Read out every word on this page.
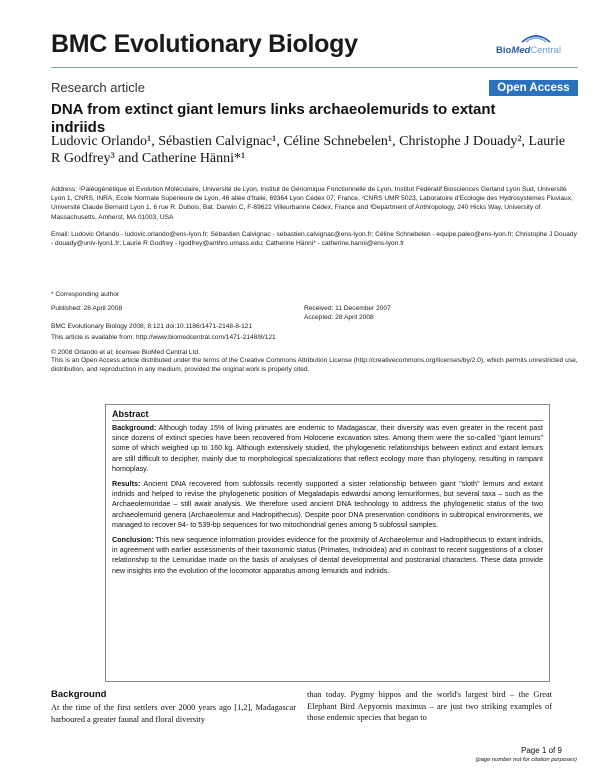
BMC Evolutionary Biology	BioMedCentral
Research article	Open Access
DNA from extinct giant lemurs links archaeolemurids to extant indriids
Ludovic Orlando¹, Sébastien Calvignac¹, Céline Schnebelen¹, Christophe J Douady², Laurie R Godfrey³ and Catherine Hänni*¹
Address: ¹Paléogénétique et Evolution Moléculaire, Université de Lyon, Institut de Génomique Fonctionnelle de Lyon, Institut Fédératif Biosciences Gerland Lyon Sud, Université Lyon 1, CNRS, INRA, Ecole Normale Supérieure de Lyon, 46 allée d'Italie, 69364 Lyon Cédex 07, France, ²CNRS UMR 5023, Laboratoire d'Ecologie des Hydrosystèmes Fluviaux, Université Claude Bernard Lyon 1, 6 rue R. Dubois, Bat. Darwin C, F-69622 Villeurbanne Cédex, France and ³Department of Anthropology, 240 Hicks Way, University of Massachusetts, Amherst, MA 01003, USA
Email: Ludovic Orlando - ludovic.orlando@ens-lyon.fr; Sébastien Calvignac - sebastien.calvignac@ens-lyon.fr; Céline Schnebelen - equipe.paleo@ens-lyon.fr; Christophe J Douady - douady@univ-lyon1.fr; Laurie R Godfrey - lgodfrey@anthro.umass.edu; Catherine Hänni* - catherine.hanni@ens-lyon.fr
* Corresponding author
Published: 28 April 2008
BMC Evolutionary Biology 2008, 8:121 doi:10.1186/1471-2148-8-121
This article is available from: http://www.biomedcentral.com/1471-2148/8/121
Received: 11 December 2007
Accepted: 28 April 2008
© 2008 Orlando et al; licensee BioMed Central Ltd.
This is an Open Access article distributed under the terms of the Creative Commons Attribution License (http://creativecommons.org/licenses/by/2.0), which permits unrestricted use, distribution, and reproduction in any medium, provided the original work is properly cited.
Abstract

Background: Although today 15% of living primates are endemic to Madagascar, their diversity was even greater in the recent past since dozens of extinct species have been recovered from Holocene excavation sites. Among them were the so-called "giant lemurs" some of which weighed up to 160 kg. Although extensively studied, the phylogenetic relationships between extinct and extant lemurs are still difficult to decipher, mainly due to morphological specializations that reflect ecology more than phylogeny, resulting in rampant homoplasy.

Results: Ancient DNA recovered from subfossils recently supported a sister relationship between giant "sloth" lemurs and extant indriids and helped to revise the phylogenetic position of Megaladapis edwardsi among lemuriformes, but several taxa – such as the Archaeolemuridae – still await analysis. We therefore used ancient DNA technology to address the phylogenetic status of the two archaeolemurid genera (Archaeolemur and Hadropithecus). Despite poor DNA preservation conditions in subtropical environments, we managed to recover 94- to 539-bp sequences for two mitochondrial genes among 5 subfossil samples.

Conclusion: This new sequence information provides evidence for the proximity of Archaeolemur and Hadropithecus to extant indriids, in agreement with earlier assessments of their taxonomic status (Primates, Indrioidea) and in contrast to recent suggestions of a closer relationship to the Lemuridae made on the basis of analyses of dental developmental and postcranial characters. These data provide new insights into the evolution of the locomotor apparatus among lemurids and indriids.

Background
At the time of the first settlers over 2000 years ago [1,2], Madagascar harboured a greater faunal and floral diversity
than today. Pygmy hippos and the world's largest bird – the Great Elephant Bird Aepyornis maximus – are just two striking examples of those endemic species that began to
Page 1 of 9
(page number not for citation purposes)
